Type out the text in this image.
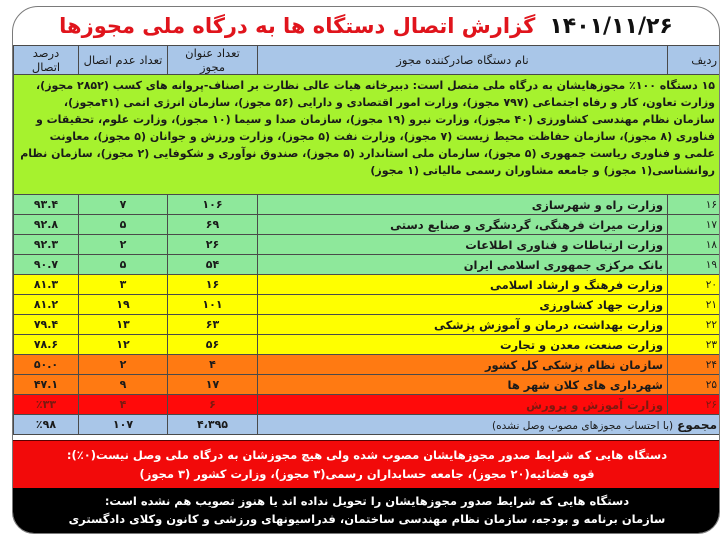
گزارش اتصال دستگاه ها به درگاه ملی مجوزها ۱۴۰۱/۱۱/۲۶
ردیف	نام دستگاه صادرکننده مجوز	تعداد عنوان مجوز	تعداد عدم اتصال	درصد اتصال
۱۵ دستگاه ۱۰۰٪ مجوزهایشان به درگاه ملی متصل است: دبیرخانه هیات عالی نظارت بر اصناف-پروانه های کسب (۲۸۵۲ مجوز)، وزارت تعاون، کار و رفاه اجتماعی (۷۹۷ مجوز)، وزارت امور اقتصادی و دارایی (۵۶ مجوز)، سازمان انرژی اتمی (۴۱مجوز)، سازمان نظام مهندسی کشاورزی (۴۰ مجوز)، وزارت نیرو (۱۹ مجوز)، سازمان صدا و سیما (۱۰ مجوز)، وزارت علوم، تحقیقات و فناوری (۸ مجوز)، سازمان حفاظت محیط زیست (۷ مجوز)، وزارت نفت (۵ مجوز)، وزارت ورزش و جوانان (۵ مجوز)، معاونت علمی و فناوری ریاست جمهوری (۵ مجوز)، سازمان ملی استاندارد (۵ مجوز)، صندوق نوآوری و شکوفایی (۲ مجوز)، سازمان نظام روانشناسی(۱ مجوز) و جامعه مشاوران رسمی مالیاتی (۱ مجوز)				
۱۶	وزارت راه و شهرسازی	۱۰۶	۷	۹۳.۴
۱۷	وزارت میراث فرهنگی، گردشگری و صنایع دستی	۶۹	۵	۹۲.۸
۱۸	وزارت ارتباطات و فناوری اطلاعات	۲۶	۲	۹۲.۳
۱۹	بانک مرکزی جمهوری اسلامی ایران	۵۴	۵	۹۰.۷
۲۰	وزارت فرهنگ و ارشاد اسلامی	۱۶	۳	۸۱.۳
۲۱	وزارت جهاد کشاورزی	۱۰۱	۱۹	۸۱.۲
۲۲	وزارت بهداشت، درمان و آموزش پزشکی	۶۳	۱۳	۷۹.۴
۲۳	وزارت صنعت، معدن و تجارت	۵۶	۱۲	۷۸.۶
۲۴	سازمان نظام پزشکی کل کشور	۴	۲	۵۰.۰
۲۵	شهرداری های کلان شهر ها	۱۷	۹	۴۷.۱
۲۶	وزارت آموزش و پرورش	۶	۴	٪۳۳
مجموع(با احتساب مجوزهای مصوب وصل نشده)		۴،۳۹۵	۱۰۷	٪۹۸
دستگاه هایی که شرایط صدور مجوزهایشان مصوب شده ولی هیچ مجوزشان به درگاه ملی وصل نیست(۰٪):
قوه قضائیه(۲۰ مجوز)، جامعه حسابداران رسمی(۳ مجوز)، وزارت کشور (۳ مجوز)
دستگاه هایی که شرایط صدور مجوزهایشان را تحویل نداده اند یا هنوز تصویب هم نشده است:
سازمان برنامه و بودجه، سازمان نظام مهندسی ساختمان، فدراسیونهای ورزشی و کانون وکلای دادگستری
